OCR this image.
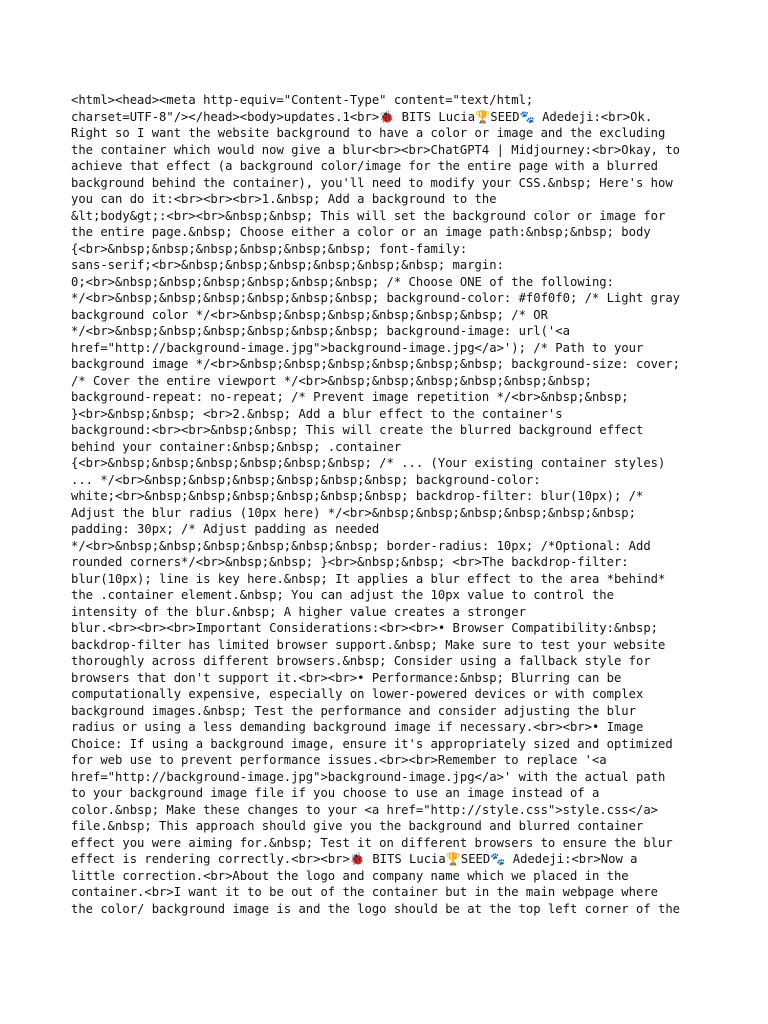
<html><head><meta http-equiv="Content-Type" content="text/html;
charset=UTF-8"/></head><body>updates.1<br>🐞 BITS Lucia🏆SEED🐾 Adedeji:<br>Ok.
Right so I want the website background to have a color or image and the excluding
the container which would now give a blur<br><br>ChatGPT4 | Midjourney:<br>Okay, to
achieve that effect (a background color/image for the entire page with a blurred
background behind the container), you'll need to modify your CSS.&nbsp; Here's how
you can do it:<br><br><br>1.&nbsp; Add a background to the
&lt;body&gt;:<br><br>&nbsp;&nbsp; This will set the background color or image for
the entire page.&nbsp; Choose either a color or an image path:&nbsp;&nbsp; body
{<br>&nbsp;&nbsp;&nbsp;&nbsp;&nbsp;&nbsp; font-family:
sans-serif;<br>&nbsp;&nbsp;&nbsp;&nbsp;&nbsp;&nbsp; margin:
0;<br>&nbsp;&nbsp;&nbsp;&nbsp;&nbsp;&nbsp; /* Choose ONE of the following:
*/<br>&nbsp;&nbsp;&nbsp;&nbsp;&nbsp;&nbsp; background-color: #f0f0f0; /* Light gray
background color */<br>&nbsp;&nbsp;&nbsp;&nbsp;&nbsp;&nbsp; /* OR
*/<br>&nbsp;&nbsp;&nbsp;&nbsp;&nbsp;&nbsp; background-image: url('<a
href="http://background-image.jpg">background-image.jpg</a>'); /* Path to your
background image */<br>&nbsp;&nbsp;&nbsp;&nbsp;&nbsp;&nbsp; background-size: cover;
/* Cover the entire viewport */<br>&nbsp;&nbsp;&nbsp;&nbsp;&nbsp;&nbsp;
background-repeat: no-repeat; /* Prevent image repetition */<br>&nbsp;&nbsp;
}<br>&nbsp;&nbsp; <br>2.&nbsp; Add a blur effect to the container's
background:<br><br>&nbsp;&nbsp; This will create the blurred background effect
behind your container:&nbsp;&nbsp; .container
{<br>&nbsp;&nbsp;&nbsp;&nbsp;&nbsp;&nbsp; /* ... (Your existing container styles)
... */<br>&nbsp;&nbsp;&nbsp;&nbsp;&nbsp;&nbsp; background-color:
white;<br>&nbsp;&nbsp;&nbsp;&nbsp;&nbsp;&nbsp; backdrop-filter: blur(10px); /*
Adjust the blur radius (10px here) */<br>&nbsp;&nbsp;&nbsp;&nbsp;&nbsp;&nbsp;
padding: 30px; /* Adjust padding as needed
*/<br>&nbsp;&nbsp;&nbsp;&nbsp;&nbsp;&nbsp; border-radius: 10px; /*Optional: Add
rounded corners*/<br>&nbsp;&nbsp; }<br>&nbsp;&nbsp; <br>The backdrop-filter:
blur(10px); line is key here.&nbsp; It applies a blur effect to the area *behind*
the .container element.&nbsp; You can adjust the 10px value to control the
intensity of the blur.&nbsp; A higher value creates a stronger
blur.<br><br><br>Important Considerations:<br><br>• Browser Compatibility:&nbsp;
backdrop-filter has limited browser support.&nbsp; Make sure to test your website
thoroughly across different browsers.&nbsp; Consider using a fallback style for
browsers that don't support it.<br><br>• Performance:&nbsp; Blurring can be
computationally expensive, especially on lower-powered devices or with complex
background images.&nbsp; Test the performance and consider adjusting the blur
radius or using a less demanding background image if necessary.<br><br>• Image
Choice: If using a background image, ensure it's appropriately sized and optimized
for web use to prevent performance issues.<br><br>Remember to replace '<a
href="http://background-image.jpg">background-image.jpg</a>' with the actual path
to your background image file if you choose to use an image instead of a
color.&nbsp; Make these changes to your <a href="http://style.css">style.css</a>
file.&nbsp; This approach should give you the background and blurred container
effect you were aiming for.&nbsp; Test it on different browsers to ensure the blur
effect is rendering correctly.<br><br>🐞 BITS Lucia🏆SEED🐾 Adedeji:<br>Now a
little correction.<br>About the logo and company name which we placed in the
container.<br>I want it to be out of the container but in the main webpage where
the color/ background image is and the logo should be at the top left corner of the
